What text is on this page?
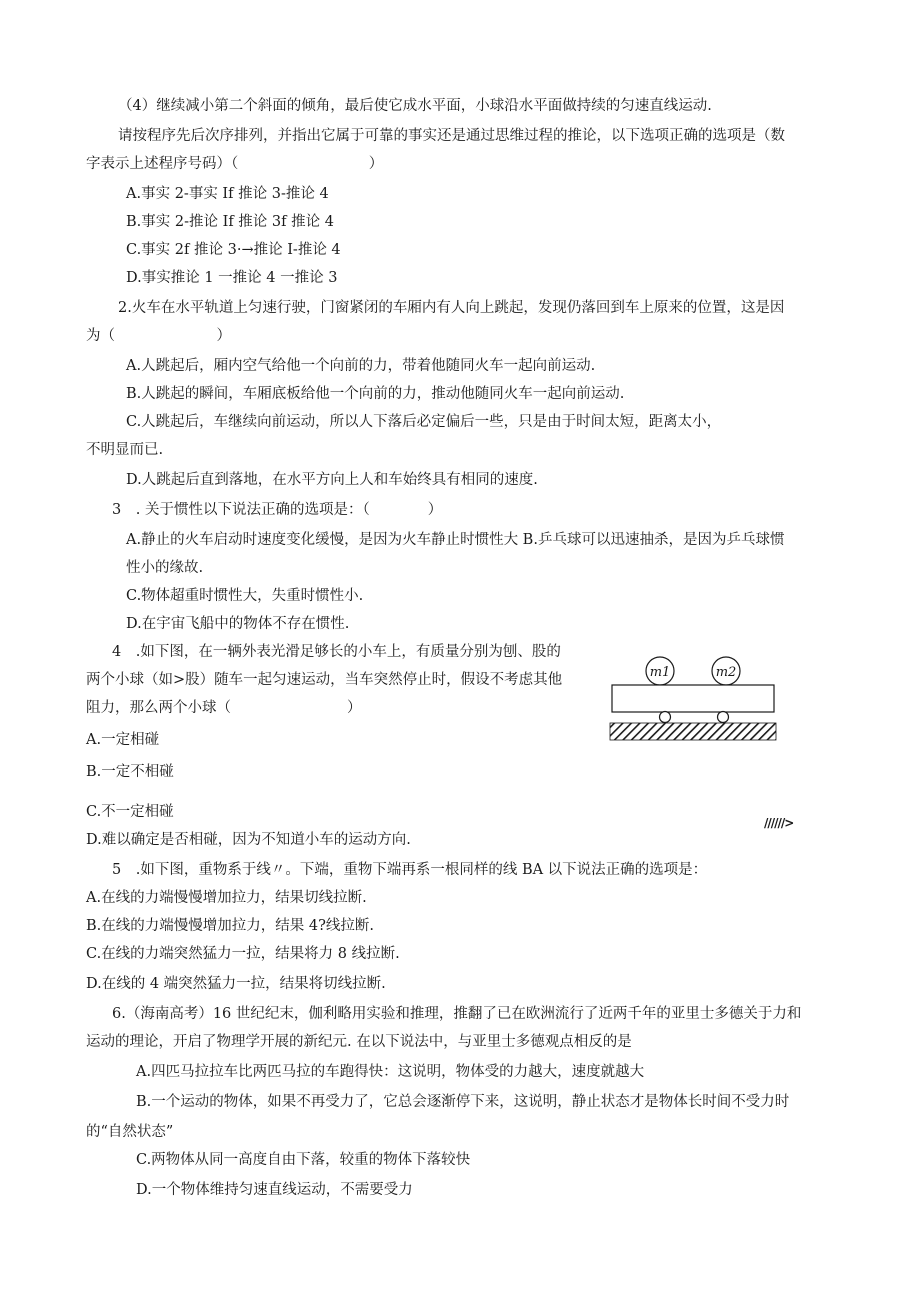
（4）继续减小第二个斜面的倾角，最后使它成水平面，小球沿水平面做持续的匀速直线运动.

请按程序先后次序排列，并指出它属于可靠的事实还是通过思维过程的推论，以下选项正确的选项是（数

字表示上述程序号码）（　　　　　　　　　）

A.事实 2-事实 If 推论 3-推论 4

B.事实 2-推论 If 推论 3f 推论 4

C.事实 2f 推论 3·→推论 I-推论 4

D.事实推论 1 一推论 4 一推论 3

2.火车在水平轨道上匀速行驶，门窗紧闭的车厢内有人向上跳起，发现仍落回到车上原来的位置，这是因

为（　　　　　　　）

A.人跳起后，厢内空气给他一个向前的力，带着他随同火车一起向前运动.

B.人跳起的瞬间，车厢底板给他一个向前的力，推动他随同火车一起向前运动.

C.人跳起后，车继续向前运动，所以人下落后必定偏后一些，只是由于时间太短，距离太小，

不明显而已.

D.人跳起后直到落地，在水平方向上人和车始终具有相同的速度.

3　. 关于惯性以下说法正确的选项是：（　　　　）

A.静止的火车启动时速度变化缓慢，是因为火车静止时惯性大 B.乒乓球可以迅速抽杀，是因为乒乓球惯

性小的缘故.

C.物体超重时惯性大，失重时惯性小.

D.在宇宙飞船中的物体不存在惯性.

4　.如下图，在一辆外表光滑足够长的小车上，有质量分别为刨、股的

两个小球（如>股）随车一起匀速运动，当车突然停止时，假设不考虑其他

阻力，那么两个小球（　　　　　　　　）

A.一定相碰

B.一定不相碰

C.不一定相碰

D.难以确定是否相碰，因为不知道小车的运动方向.

5　.如下图，重物系于线〃。下端，重物下端再系一根同样的线 BA 以下说法正确的选项是：

A.在线的力端慢慢增加拉力，结果切线拉断.

B.在线的力端慢慢增加拉力，结果 4?线拉断.

C.在线的力端突然猛力一拉，结果将力 8 线拉断.

D.在线的 4 端突然猛力一拉，结果将切线拉断.

6.（海南高考）16 世纪纪末，伽利略用实验和推理，推翻了已在欧洲流行了近两千年的亚里士多德关于力和

运动的理论，开启了物理学开展的新纪元. 在以下说法中，与亚里士多德观点相反的是

A.四匹马拉拉车比两匹马拉的车跑得快：这说明，物体受的力越大，速度就越大

B.一个运动的物体，如果不再受力了，它总会逐渐停下来，这说明，静止状态才是物体长时间不受力时

的“自然状态”

C.两物体从同一高度自由下落，较重的物体下落较快

D.一个物体维持匀速直线运动，不需要受力

m1	m2
//////>
